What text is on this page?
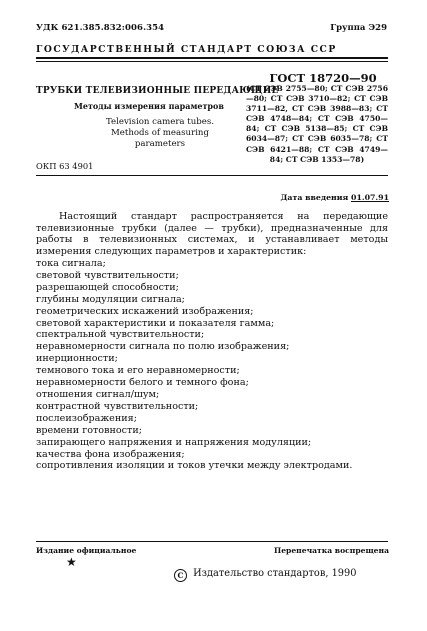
УДК 621.385.832:006.354	Группа Э29
ГОСУДАРСТВЕННЫЙ СТАНДАРТ СОЮЗА ССР
ТРУБКИ ТЕЛЕВИЗИОННЫЕ ПЕРЕДАЮЩИЕ
Методы измерения параметров
Television camera tubes.
Methods of measuring parameters
ГОСТ 18720—90
(СТ СЭВ 2755—80; СТ СЭВ 2756—80; СТ СЭВ 3710—82; СТ СЭВ 3711—82, СТ СЭВ 3988—83; СТ СЭВ 4748—84; СТ СЭВ 4750—84; СТ СЭВ 5138—85; СТ СЭВ 6034—87; СТ СЭВ 6035—78; СТ СЭВ 6421—88; СТ СЭВ 4749—84; СТ СЭВ 1353—78)
ОКП 63 4901
Дата введения 01.07.91

Настоящий стандарт распространяется на передающие телевизионные трубки (далее — трубки), предназначенные для работы в телевизионных системах, и устанавливает методы измерения следующих параметров и характеристик:

тока сигнала;
световой чувствительности;
разрешающей способности;
глубины модуляции сигнала;
геометрических искажений изображения;
световой характеристики и показателя гамма;
спектральной чувствительности;
неравномерности сигнала по полю изображения;
инерционности;
темнового тока и его неравномерности;
неравномерности белого и темного фона;
отношения сигнал/шум;
контрастной чувствительности;
послеизображения;
времени готовности;
запирающего напряжения и напряжения модуляции;
качества фона изображения;
сопротивления изоляции и токов утечки между электродами.
Издание официальное	Перепечатка воспрещена
★
С Издательство стандартов, 1990
